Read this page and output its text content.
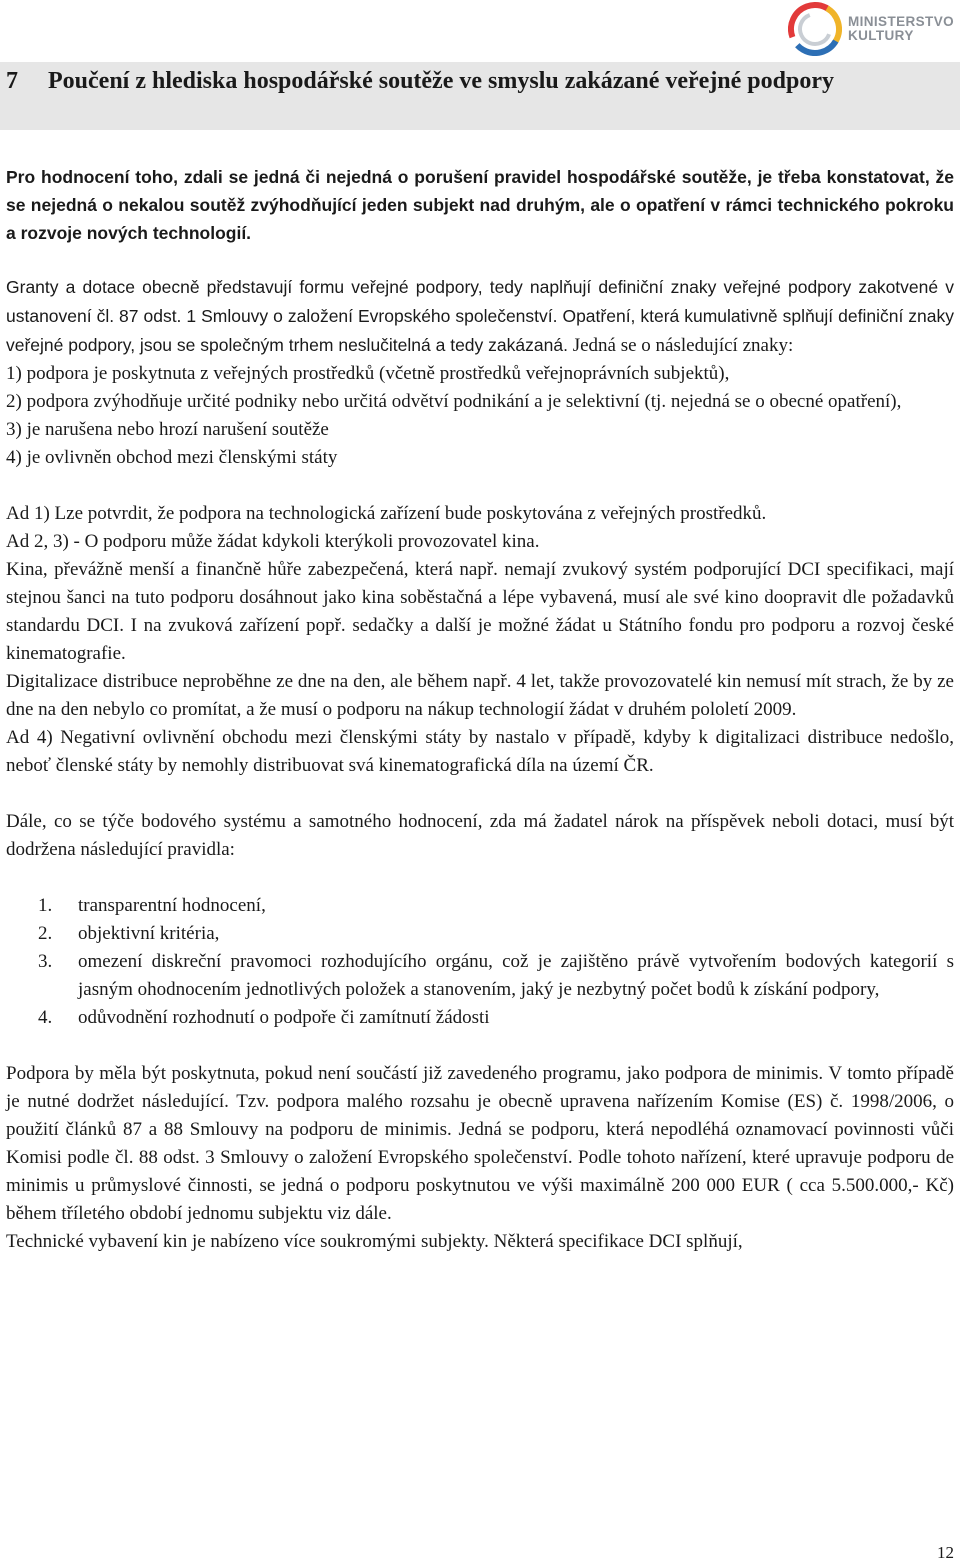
MINISTERSTVO
KULTURY
7	Poučení z hlediska hospodářské soutěže ve smyslu zakázané veřejné podpory

Pro hodnocení toho, zdali se jedná či nejedná o porušení pravidel hospodářské soutěže, je třeba konstatovat, že se nejedná o nekalou soutěž zvýhodňující jeden subjekt nad druhým, ale o opatření v rámci technického pokroku a rozvoje nových technologií.

Granty a dotace obecně představují formu veřejné podpory, tedy naplňují definiční znaky veřejné podpory zakotvené v ustanovení čl. 87 odst. 1 Smlouvy o založení Evropského společenství. Opatření, která kumulativně splňují definiční znaky veřejné podpory, jsou se společným trhem neslučitelná a tedy zakázaná. Jedná se o následující znaky:

1) podpora je poskytnuta z veřejných prostředků (včetně prostředků veřejnoprávních subjektů),

2) podpora zvýhodňuje určité podniky nebo určitá odvětví podnikání a je selektivní (tj. nejedná se o obecné opatření),

3) je narušena nebo hrozí narušení soutěže

4) je ovlivněn obchod mezi členskými státy

Ad 1) Lze potvrdit, že podpora na technologická zařízení bude poskytována z veřejných prostředků.

Ad 2, 3) - O podporu může žádat kdykoli kterýkoli provozovatel kina.

Kina, převážně menší a finančně hůře zabezpečená, která např. nemají zvukový systém podporující DCI specifikaci, mají stejnou šanci na tuto podporu dosáhnout jako kina soběstačná a lépe vybavená, musí ale své kino doopravit dle požadavků standardu DCI. I na zvuková zařízení popř. sedačky a další je možné žádat u Státního fondu pro podporu a rozvoj české kinematografie.

Digitalizace distribuce neproběhne ze dne na den, ale během např. 4 let, takže provozovatelé kin nemusí mít strach, že by ze dne na den nebylo co promítat, a že musí o podporu na nákup technologií žádat v druhém pololetí 2009.

Ad 4) Negativní ovlivnění obchodu mezi členskými státy by nastalo v případě, kdyby k digitalizaci distribuce nedošlo, neboť členské státy by nemohly distribuovat svá kinematografická díla na území ČR.

Dále, co se týče bodového systému a samotného hodnocení, zda má žadatel nárok na příspěvek neboli dotaci, musí být dodržena následující pravidla:

1.	transparentní hodnocení,
2.	objektivní kritéria,
3.	omezení diskreční pravomoci rozhodujícího orgánu, což je zajištěno právě vytvořením bodových kategorií s jasným ohodnocením jednotlivých položek a stanovením, jaký je nezbytný počet bodů k získání podpory,
4.	odůvodnění rozhodnutí o podpoře či zamítnutí žádosti

Podpora by měla být poskytnuta, pokud není součástí již zavedeného programu, jako podpora de minimis. V tomto případě je nutné dodržet následující. Tzv. podpora malého rozsahu je obecně upravena nařízením Komise (ES) č. 1998/2006, o použití článků 87 a 88 Smlouvy na podporu de minimis. Jedná se podporu, která nepodléhá oznamovací povinnosti vůči Komisi podle čl. 88 odst. 3 Smlouvy o založení Evropského společenství. Podle tohoto nařízení, které upravuje podporu de minimis u průmyslové činnosti, se jedná o podporu poskytnutou ve výši maximálně 200 000 EUR ( cca 5.500.000,- Kč) během tříletého období jednomu subjektu viz dále.

Technické vybavení kin je nabízeno více soukromými subjekty. Některá specifikace DCI splňují,

12
